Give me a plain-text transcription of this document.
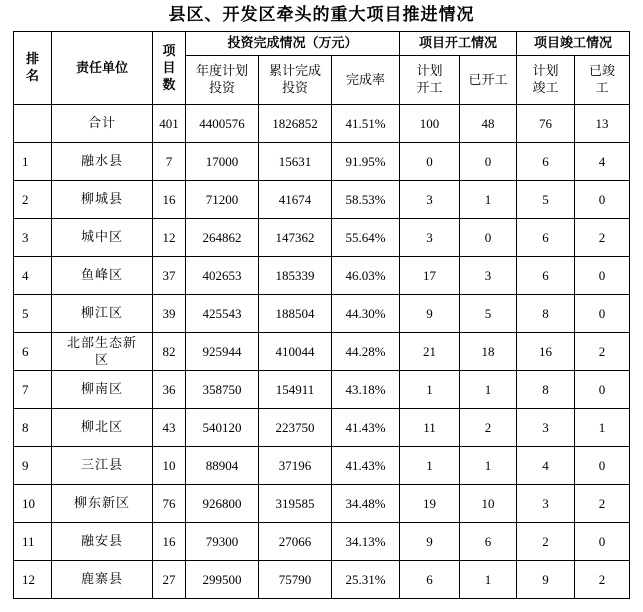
县区、开发区牵头的重大项目推进情况
排名	责任单位	项目数	投资完成情况（万元）			项目开工情况		项目竣工情况	
			年度计划投资	累计完成投资	完成率	计划开工	已开工	计划竣工	已竣工
	合计	401	4400576	1826852	41.51%	100	48	76	13
1	融水县	7	17000	15631	91.95%	0	0	6	4
2	柳城县	16	71200	41674	58.53%	3	1	5	0
3	城中区	12	264862	147362	55.64%	3	0	6	2
4	鱼峰区	37	402653	185339	46.03%	17	3	6	0
5	柳江区	39	425543	188504	44.30%	9	5	8	0
6	北部生态新区	82	925944	410044	44.28%	21	18	16	2
7	柳南区	36	358750	154911	43.18%	1	1	8	0
8	柳北区	43	540120	223750	41.43%	11	2	3	1
9	三江县	10	88904	37196	41.43%	1	1	4	0
10	柳东新区	76	926800	319585	34.48%	19	10	3	2
11	融安县	16	79300	27066	34.13%	9	6	2	0
12	鹿寨县	27	299500	75790	25.31%	6	1	9	2
